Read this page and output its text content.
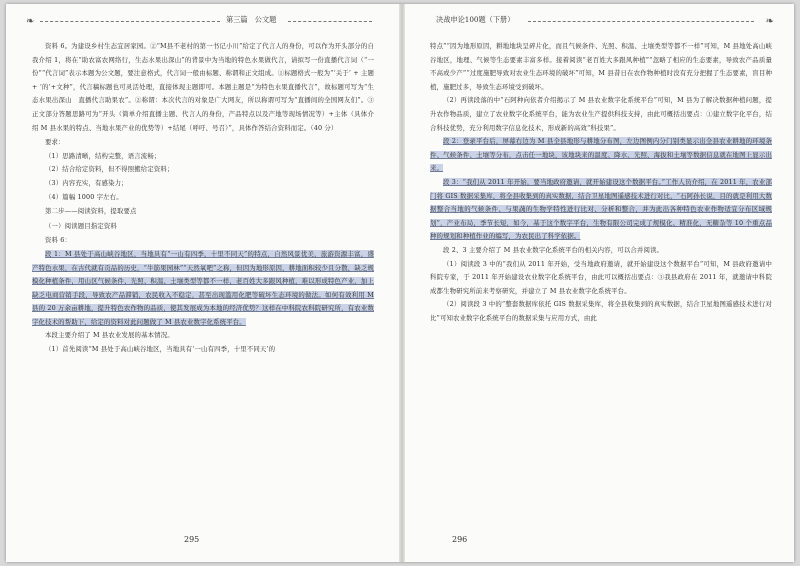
❧	第三篇　公文题

资料 6。为建设乡村生态宜居家园。②“M县不老村的第一书记小川”给定了代言人的身份，可以作为开头部分的自我介绍 1，将在“助农富农网络行，生态水果出深山”的背景中为当地的特色水果做代言，请拟写一份直播代言词（“一份”“代言词”表示本题为公文题，要注意格式，代言词一般由标题、称谓和正文组成。①标题格式一般为“‘关于’ + 主题 + ‘的’+文种”，代言稿标题也可灵活处理，直接体现主题即可。本题主题是“为特色水果直播代言”，故标题可写为“生态水果出深山　直播代言助果农”。②称谓：本次代言的对象是广大网友，所以称谓可写为“直播间的全国网友们”。③正文部分答题思路可为“开头（简单介绍直播主题、代言人的身份，产品特点以及产地等现场情况等）+主体（具体介绍 M 县水果的特点、当地水果产业的优势等）+结尾（呼吁、号召）”，具体作答结合资料而定。（40 分）

要求：

（1）思路清晰，结构完整，语言流畅；

（2）结合给定资料，但不得照搬给定资料；

（3）内容充实，有感染力；

（4）篇幅 1000 字左右。

第二步——阅读资料，提取要点

（一）阅读题目指定资料

资料 6：

段 1：M 县处于高山峡谷地区，当地具有“一山有四季，十里不同天”的特点，自然风景优美，旅游资源丰富，盛产特色水果，在古代就有贡品的历史，“牛筋果园林”“天然氧吧”之称，但因为地形原因，耕地面积较少且分散，缺乏规模化种植条件，用山区气候条件、光照、积温、土壤类型等都不一样，老百姓大多跟风种植，难以形成特色产业，加上缺乏电商营销手段，导致农产品滞销，农民收入不稳定，甚至出现滥用化肥等破坏生态环境的做法。如何有效利用 M 县的 20 万余亩耕地，提升特色农作物的品质，使其发展成为本地的经济优势？这样在中科院农科院研究所，有农业数字化技术的帮助下，给定的资料对此问题做了 M 县农业数字化系统平台。

本段主要介绍了 M 县农业发展的基本情况。

（1）首先阅读“M 县处于高山峡谷地区，当地具有‘一山有四季，十里不同天’的

295
决战申论100题（下册）	❧

特点”“因为地形原因，耕地地块呈碎片化，而且气候条件、光照、积温、土壤类型等都不一样”可知，M 县地处高山峡谷地区，地理、气候等生态要素丰富多样。接着阅读“老百姓大多跟风种植”“忽略了相应的生态要素，导致农产品质量不高或少产”“过度施肥导致对农业生态环境的破坏”可知，M 县昔日在农作物种植时没有充分把握了生态要素，盲目种植，施肥过多，导致生态环境受到破坏。

（2）再读段落的中“石阿种向依者介绍揭示了 M 县农业数字化系统平台”可知，M 县为了解决数据种植问题，提升农作物品质，建立了农业数字化系统平台，能为农业生产提供科技支持，由此可概括出要点：①建立数字化平台，结合科技优势，充分利用数字信息化技术，形成新的高效“科技果”。

段 2：登录平台后，屏幕右边为 M 县全县地形与耕地分布图，左边图例内分门别类显示出全县农业耕地的环境条件、气候条件、土壤等分布，点击任一地块，该地块来的温度、降水、光照、海拔和土壤等数据信息就在地图上显示出来。

段 3：“我们从 2011 年开始，要当地政府邀请，就开始建设这个数据平台。”工作人员介绍，在 2011 年，农业部门将 GIS 数据采集库，将全县收集到的真实数据，结合卫星地图遥感技术进行对比，“石阿孙长说，目的就是利用大数据整合当地的气候条件、与果蔬的生物学特性进行比对、分析和整合，并为此出各种特色农业作物适宜分布区域规划”，产业布局，季节长短，如今，基于这个数字平台，生物有限公司完成了规模化、精准化，无糖杂等 10 个重点品种的规划和种植作业的编写，为农民出了科学依据。

段 2、3 主要介绍了 M 县农业数字化系统平台的相关内容，可以合并阅读。

（1）阅读段 3 中的“我们从 2011 年开始，受当地政府邀请，就开始建设这个数据平台”可知，M 县政府邀请中科院专家，于 2011 年开始建设农业数字化系统平台，由此可以概括出要点：③我县政府在 2011 年，就邀请中科院成都生物研究所前来考察研究，并建立了 M 县农业数字化系统平台。

（2）阅读段 3 中的“整套数据库依托 GIS 数据采集库，将全县收集到的真实数据，结合卫星地图遥感技术进行对比”可知农业数字化系统平台的数据采集与应用方式，由此

296
